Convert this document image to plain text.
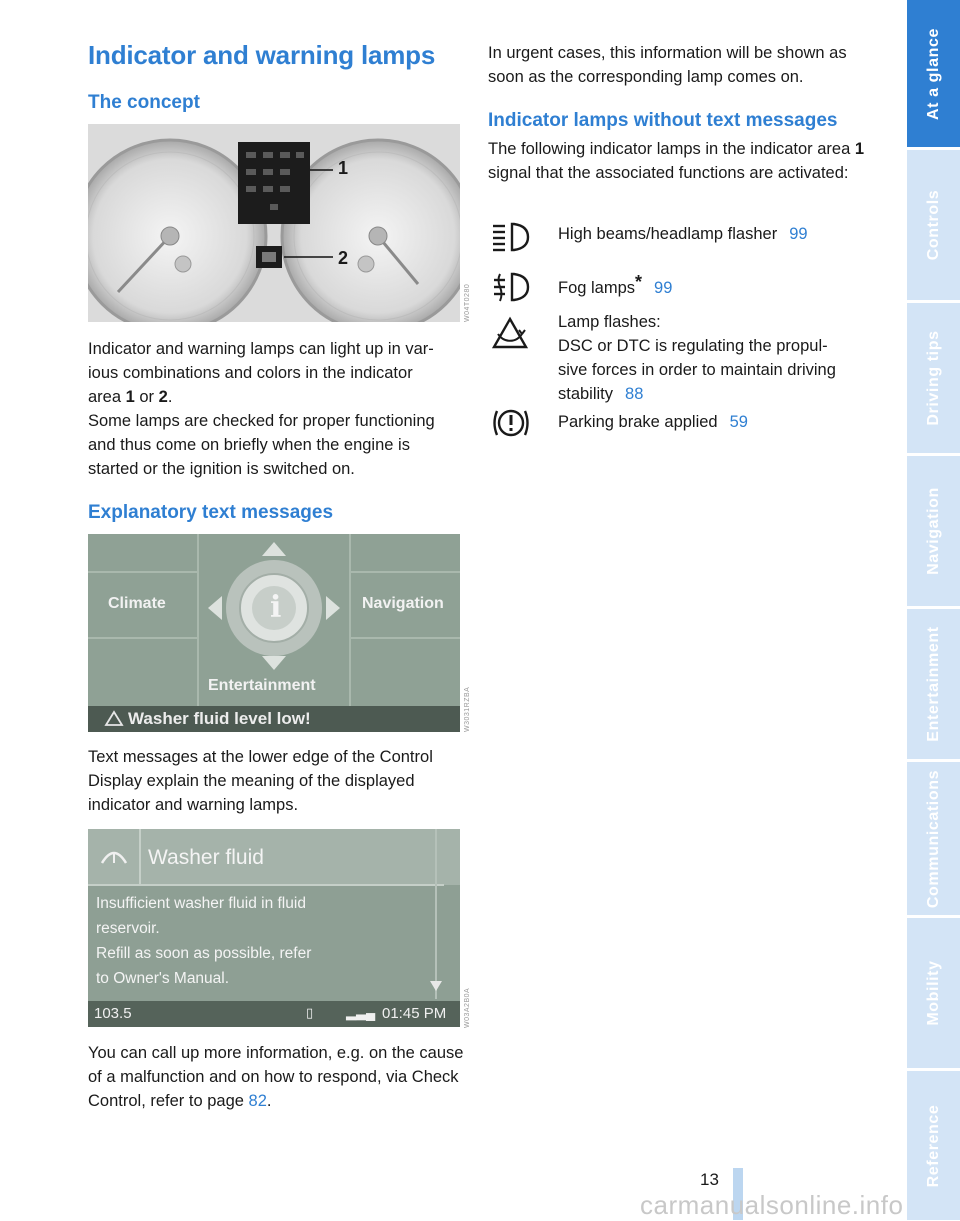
Indicator and warning lamps
The concept
1
2
W04T0280

Indicator and warning lamps can light up in var-ious combinations and colors in the indicator
area 1 or 2.

Some lamps are checked for proper functioning and thus come on briefly when the engine is started or the ignition is switched on.

Explanatory text messages
i
Climate	Navigation
Entertainment
Washer fluid level low!	W3031RZBA

Text messages at the lower edge of the Control Display explain the meaning of the displayed indicator and warning lamps.

Washer fluid
Insufficient washer fluid in fluid
reservoir.
Refill as soon as possible, refer
to Owner's Manual.
103.5	▯	▂▃▄ 01:45 PM	W03A2B0A

You can call up more information, e.g. on the cause of a malfunction and on how to respond, via Check Control, refer to page 82.

In urgent cases, this information will be shown as soon as the corresponding lamp comes on.

Indicator lamps without text messages

The following indicator lamps in the indicator area 1 signal that the associated functions are activated:

High beams/headlamp flasher 99
Fog lamps* 99
Lamp flashes:
DSC or DTC is regulating the propul-
sive forces in order to maintain driving
stability 88
Parking brake applied 59
13
carmanualsonline.info
At a glance
Controls
Driving tips
Navigation
Entertainment
Communications
Mobility
Reference
